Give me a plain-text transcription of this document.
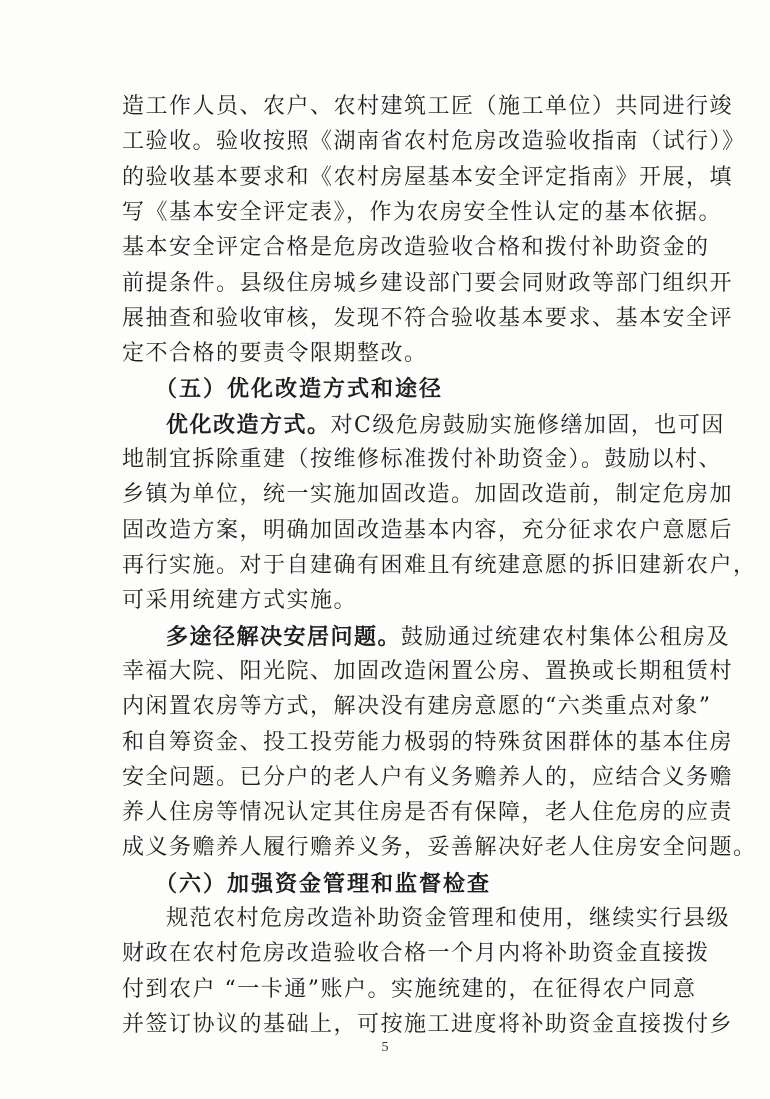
造工作人员、农户、农村建筑工匠（施工单位）共同进行竣
工验收。验收按照《湖南省农村危房改造验收指南（试行）》
的验收基本要求和《农村房屋基本安全评定指南》开展，填
写《基本安全评定表》，作为农房安全性认定的基本依据。
基本安全评定合格是危房改造验收合格和拨付补助资金的
前提条件。县级住房城乡建设部门要会同财政等部门组织开
展抽查和验收审核，发现不符合验收基本要求、基本安全评
定不合格的要责令限期整改。
（五）优化改造方式和途径
优化改造方式。对C级危房鼓励实施修缮加固，也可因
地制宜拆除重建（按维修标准拨付补助资金）。鼓励以村、
乡镇为单位，统一实施加固改造。加固改造前，制定危房加
固改造方案，明确加固改造基本内容，充分征求农户意愿后
再行实施。对于自建确有困难且有统建意愿的拆旧建新农户，
可采用统建方式实施。
多途径解决安居问题。鼓励通过统建农村集体公租房及
幸福大院、阳光院、加固改造闲置公房、置换或长期租赁村
内闲置农房等方式，解决没有建房意愿的“六类重点对象”
和自筹资金、投工投劳能力极弱的特殊贫困群体的基本住房
安全问题。已分户的老人户有义务赡养人的，应结合义务赡
养人住房等情况认定其住房是否有保障，老人住危房的应责
成义务赡养人履行赡养义务，妥善解决好老人住房安全问题。
（六）加强资金管理和监督检查
规范农村危房改造补助资金管理和使用，继续实行县级
财政在农村危房改造验收合格一个月内将补助资金直接拨
付到农户 “一卡通”账户。实施统建的，在征得农户同意
并签订协议的基础上，可按施工进度将补助资金直接拨付乡
5
